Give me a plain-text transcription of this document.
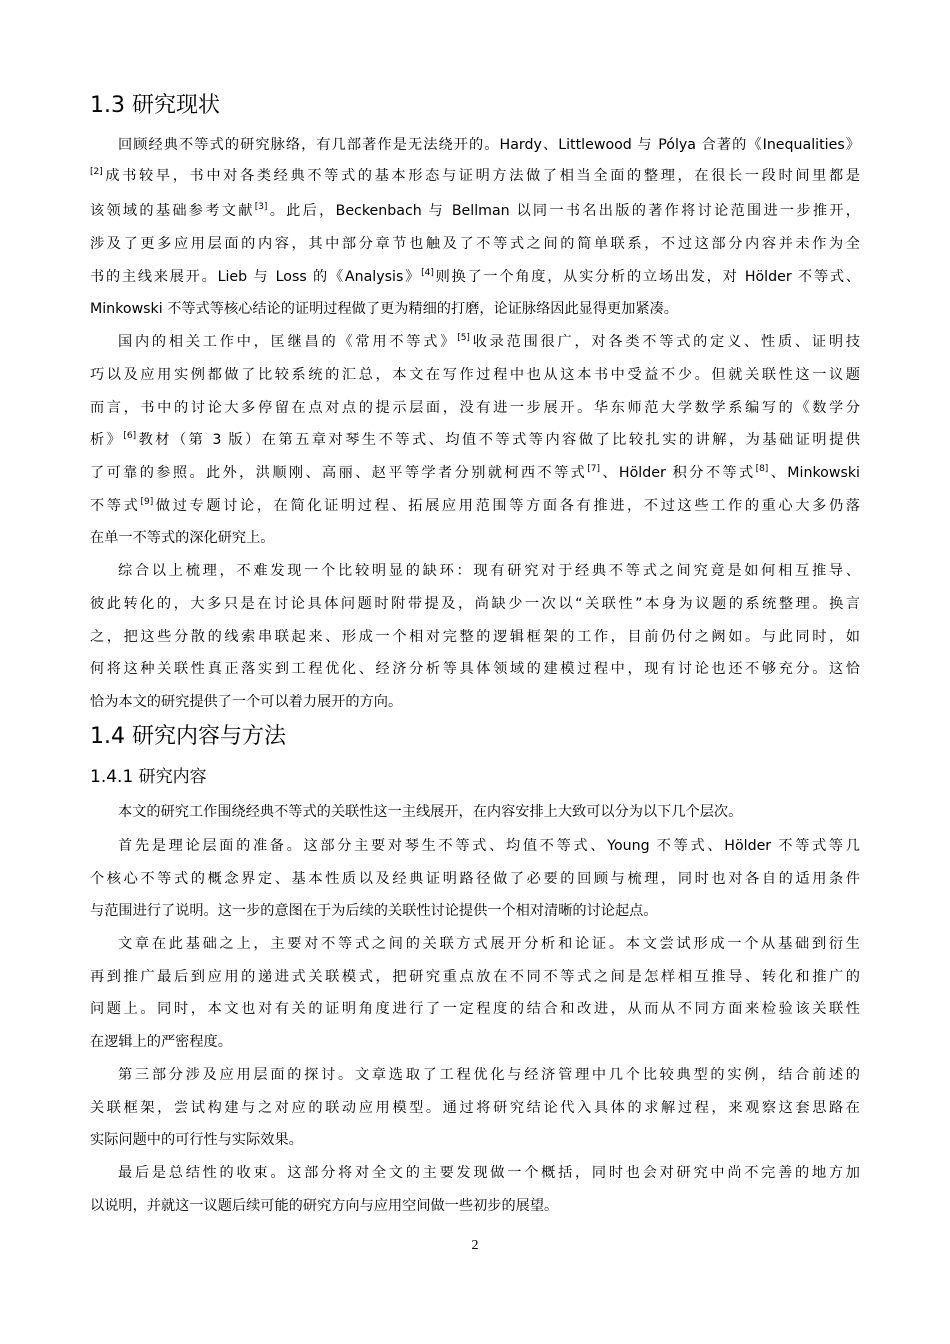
1.3 研究现状
回顾经典不等式的研究脉络，有几部著作是无法绕开的。Hardy、Littlewood 与 Pólya 合著的《Inequalities》
[2]成书较早，书中对各类经典不等式的基本形态与证明方法做了相当全面的整理，在很长一段时间里都是
该领域的基础参考文献[3]。此后，Beckenbach 与 Bellman 以同一书名出版的著作将讨论范围进一步推开，
涉及了更多应用层面的内容，其中部分章节也触及了不等式之间的简单联系，不过这部分内容并未作为全
书的主线来展开。Lieb 与 Loss 的《Analysis》[4]则换了一个角度，从实分析的立场出发，对 Hölder 不等式、
Minkowski 不等式等核心结论的证明过程做了更为精细的打磨，论证脉络因此显得更加紧凑。
国内的相关工作中，匡继昌的《常用不等式》[5]收录范围很广，对各类不等式的定义、性质、证明技
巧以及应用实例都做了比较系统的汇总，本文在写作过程中也从这本书中受益不少。但就关联性这一议题
而言，书中的讨论大多停留在点对点的提示层面，没有进一步展开。华东师范大学数学系编写的《数学分
析》[6]教材（第 3 版）在第五章对琴生不等式、均值不等式等内容做了比较扎实的讲解，为基础证明提供
了可靠的参照。此外，洪顺刚、高丽、赵平等学者分别就柯西不等式[7]、Hölder 积分不等式[8]、Minkowski
不等式[9]做过专题讨论，在简化证明过程、拓展应用范围等方面各有推进，不过这些工作的重心大多仍落
在单一不等式的深化研究上。
综合以上梳理，不难发现一个比较明显的缺环：现有研究对于经典不等式之间究竟是如何相互推导、
彼此转化的，大多只是在讨论具体问题时附带提及，尚缺少一次以“关联性”本身为议题的系统整理。换言
之，把这些分散的线索串联起来、形成一个相对完整的逻辑框架的工作，目前仍付之阙如。与此同时，如
何将这种关联性真正落实到工程优化、经济分析等具体领域的建模过程中，现有讨论也还不够充分。这恰
恰为本文的研究提供了一个可以着力展开的方向。
1.4 研究内容与方法
1.4.1 研究内容
本文的研究工作围绕经典不等式的关联性这一主线展开，在内容安排上大致可以分为以下几个层次。
首先是理论层面的准备。这部分主要对琴生不等式、均值不等式、Young 不等式、Hölder 不等式等几
个核心不等式的概念界定、基本性质以及经典证明路径做了必要的回顾与梳理，同时也对各自的适用条件
与范围进行了说明。这一步的意图在于为后续的关联性讨论提供一个相对清晰的讨论起点。
文章在此基础之上，主要对不等式之间的关联方式展开分析和论证。本文尝试形成一个从基础到衍生
再到推广最后到应用的递进式关联模式，把研究重点放在不同不等式之间是怎样相互推导、转化和推广的
问题上。同时，本文也对有关的证明角度进行了一定程度的结合和改进，从而从不同方面来检验该关联性
在逻辑上的严密程度。
第三部分涉及应用层面的探讨。文章选取了工程优化与经济管理中几个比较典型的实例，结合前述的
关联框架，尝试构建与之对应的联动应用模型。通过将研究结论代入具体的求解过程，来观察这套思路在
实际问题中的可行性与实际效果。
最后是总结性的收束。这部分将对全文的主要发现做一个概括，同时也会对研究中尚不完善的地方加
以说明，并就这一议题后续可能的研究方向与应用空间做一些初步的展望。
2
